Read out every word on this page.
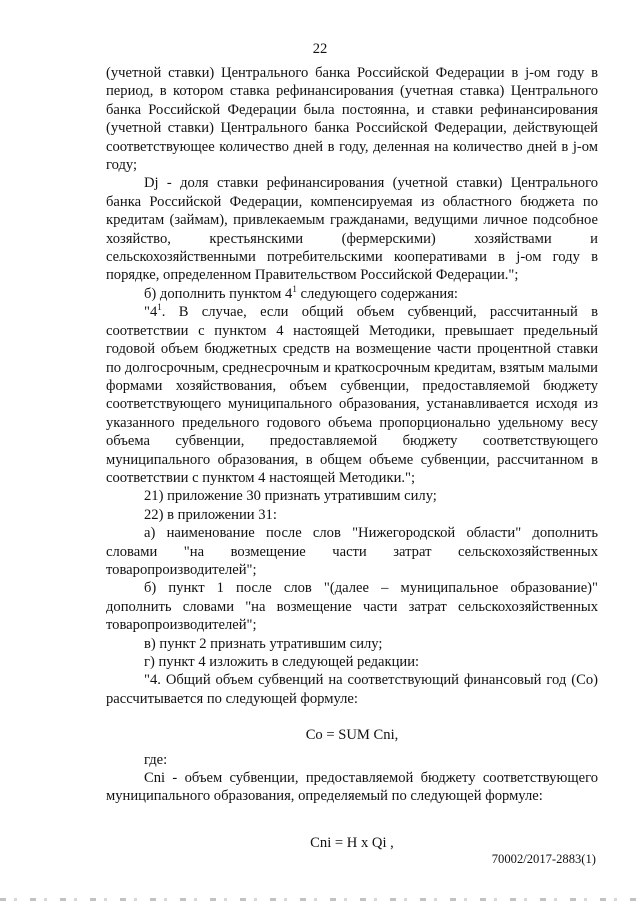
22

(учетной ставки) Центрального банка Российской Федерации в j-ом году в период, в котором ставка рефинансирования (учетная ставка) Центрального банка Российской Федерации была постоянна, и ставки рефинансирования (учетной ставки) Центрального банка Российской Федерации, действующей соответствующее количество дней в году, деленная на количество дней в j-ом году;

Dj - доля ставки рефинансирования (учетной ставки) Центрального банка Российской Федерации, компенсируемая из областного бюджета по кредитам (займам), привлекаемым гражданами, ведущими личное подсобное хозяйство, крестьянскими (фермерскими) хозяйствами и сельскохозяйственными потребительскими кооперативами в j-ом году в порядке, определенном Правительством Российской Федерации.";

б) дополнить пунктом $4^1$ следующего содержания:

"$4^1$. В случае, если общий объем субвенций, рассчитанный в соответствии с пунктом 4 настоящей Методики, превышает предельный годовой объем бюджетных средств на возмещение части процентной ставки по долгосрочным, среднесрочным и краткосрочным кредитам, взятым малыми формами хозяйствования, объем субвенции, предоставляемой бюджету соответствующего муниципального образования, устанавливается исходя из указанного предельного годового объема пропорционально удельному весу объема субвенции, предоставляемой бюджету соответствующего муниципального образования, в общем объеме субвенции, рассчитанном в соответствии с пунктом 4 настоящей Методики.";

21) приложение 30 признать утратившим силу;

22) в приложении 31:

а) наименование после слов "Нижегородской области" дополнить словами "на возмещение части затрат сельскохозяйственных товаропроизводителей";

б) пункт 1 после слов "(далее – муниципальное образование)" дополнить словами "на возмещение части затрат сельскохозяйственных товаропроизводителей";

в) пункт 2 признать утратившим силу;

г) пункт 4 изложить в следующей редакции:

"4. Общий объем субвенций на соответствующий финансовый год (Со) рассчитывается по следующей формуле:

Со = SUM Сni,

где:

Сni - объем субвенции, предоставляемой бюджету соответствующего муниципального образования, определяемый по следующей формуле:

Сni = Н х Qi ,

70002/2017-2883(1)
